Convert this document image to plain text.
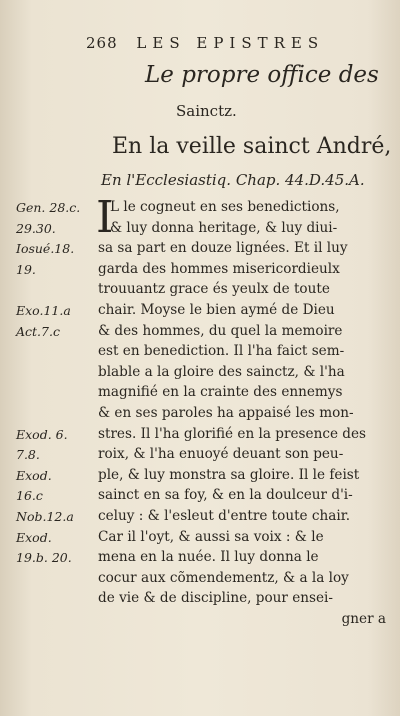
268 LES EPISTRES
Le propre office des
Sainctz.
En la veille sainct André,
En l'Ecclesiastiq. Chap. 44.D.45.A.
I
L le cogneut en ses benedictions,
& luy donna heritage, & luy diui-
sa sa part en douze lignées. Et il luy
garda des hommes misericordieulx
trouuantz grace és yeulx de toute
chair. Moyse le bien aymé de Dieu
& des hommes, du quel la memoire
est en benediction. Il l'ha faict sem-
blable a la gloire des sainctz, & l'ha
magnifié en la crainte des ennemys
& en ses paroles ha appaisé les mon-
stres. Il l'ha glorifié en la presence des
roix, & l'ha enuoyé deuant son peu-
ple, & luy monstra sa gloire. Il le feist
sainct en sa foy, & en la doulceur d'i-
celuy : & l'esleut d'entre toute chair.
Car il l'oyt, & aussi sa voix : & le
mena en la nuée. Il luy donna le
cocur aux cõmendementz, & a la loy
de vie & de discipline, pour ensei-
gner a
Gen. 28.c.
29.30.
Iosué.18.
19.
Exo.11.a
Act.7.c
Exod. 6.
7.8.
Exod.
16.c
Nob.12.a
Exod.
19.b. 20.
